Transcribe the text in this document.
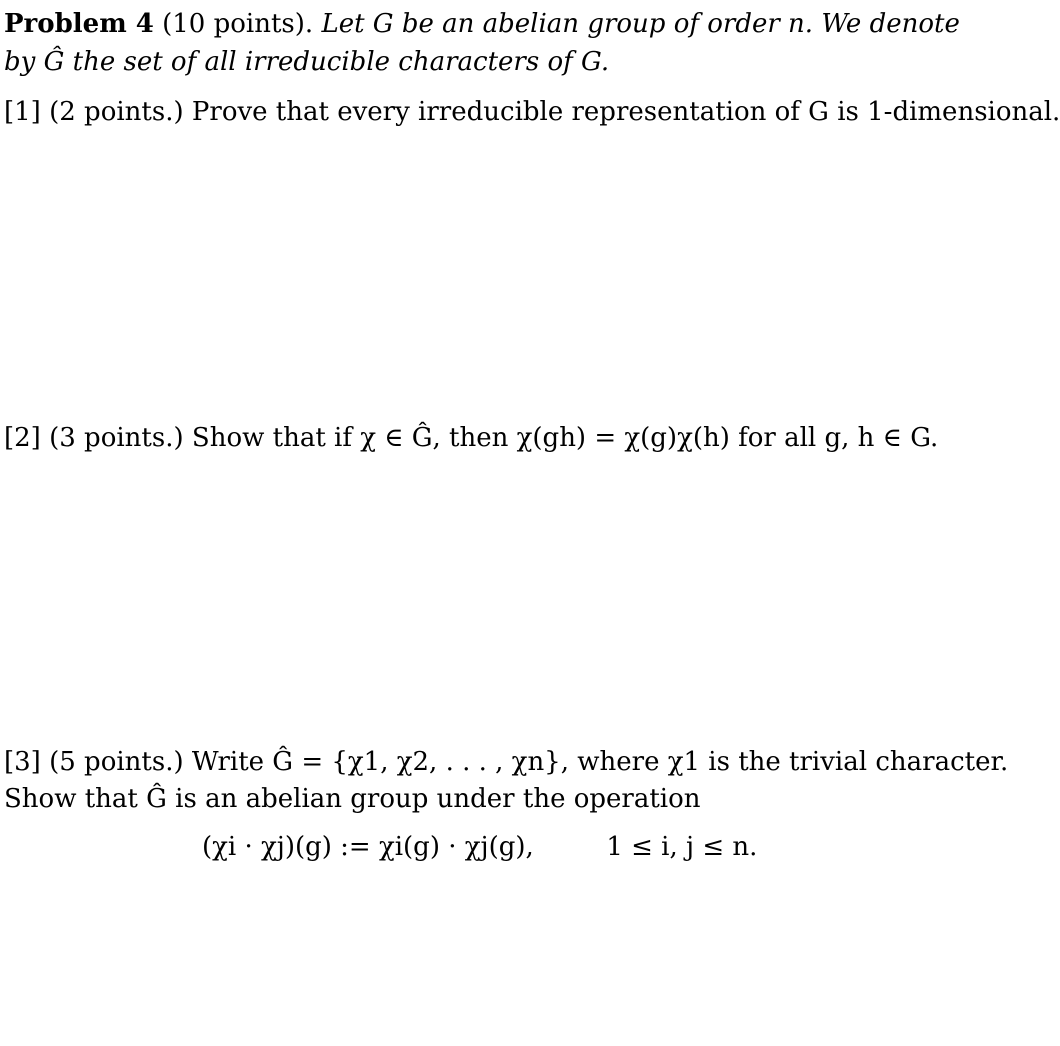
Problem 4 (10 points). Let G be an abelian group of order n. We denote
by Ĝ the set of all irreducible characters of G.
[1] (2 points.) Prove that every irreducible representation of G is 1-dimensional.
[2] (3 points.) Show that if χ ∈ Ĝ, then χ(gh) = χ(g)χ(h) for all g, h ∈ G.
[3] (5 points.) Write Ĝ = {χ1, χ2, . . . , χn}, where χ1 is the trivial character.
Show that Ĝ is an abelian group under the operation
(χi · χj)(g) := χi(g) · χj(g),	1 ≤ i, j ≤ n.
